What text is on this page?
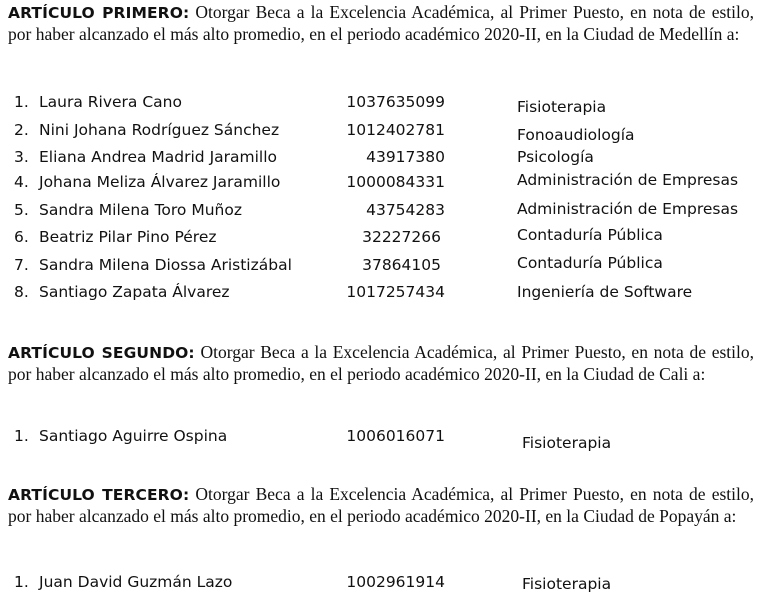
ARTÍCULO PRIMERO: Otorgar Beca a la Excelencia Académica, al Primer Puesto, en nota de estilo, por haber alcanzado el más alto promedio, en el periodo académico 2020-II, en la Ciudad de Medellín a:

1. Laura Rivera Cano	1037635099	Fisioterapia
2. Nini Johana Rodríguez Sánchez	1012402781	Fonoaudiología
3. Eliana Andrea Madrid Jaramillo	43917380	Psicología
4. Johana Meliza Álvarez Jaramillo	1000084331	Administración de Empresas
5. Sandra Milena Toro Muñoz	43754283	Administración de Empresas
6. Beatriz Pilar Pino Pérez	32227266	Contaduría Pública
7. Sandra Milena Diossa Aristizábal	37864105	Contaduría Pública
8. Santiago Zapata Álvarez	1017257434	Ingeniería de Software

ARTÍCULO SEGUNDO: Otorgar Beca a la Excelencia Académica, al Primer Puesto, en nota de estilo, por haber alcanzado el más alto promedio, en el periodo académico 2020-II, en la Ciudad de Cali a:

1. Santiago Aguirre Ospina	1006016071	Fisioterapia

ARTÍCULO TERCERO: Otorgar Beca a la Excelencia Académica, al Primer Puesto, en nota de estilo, por haber alcanzado el más alto promedio, en el periodo académico 2020-II, en la Ciudad de Popayán a:

1. Juan David Guzmán Lazo	1002961914	Fisioterapia
